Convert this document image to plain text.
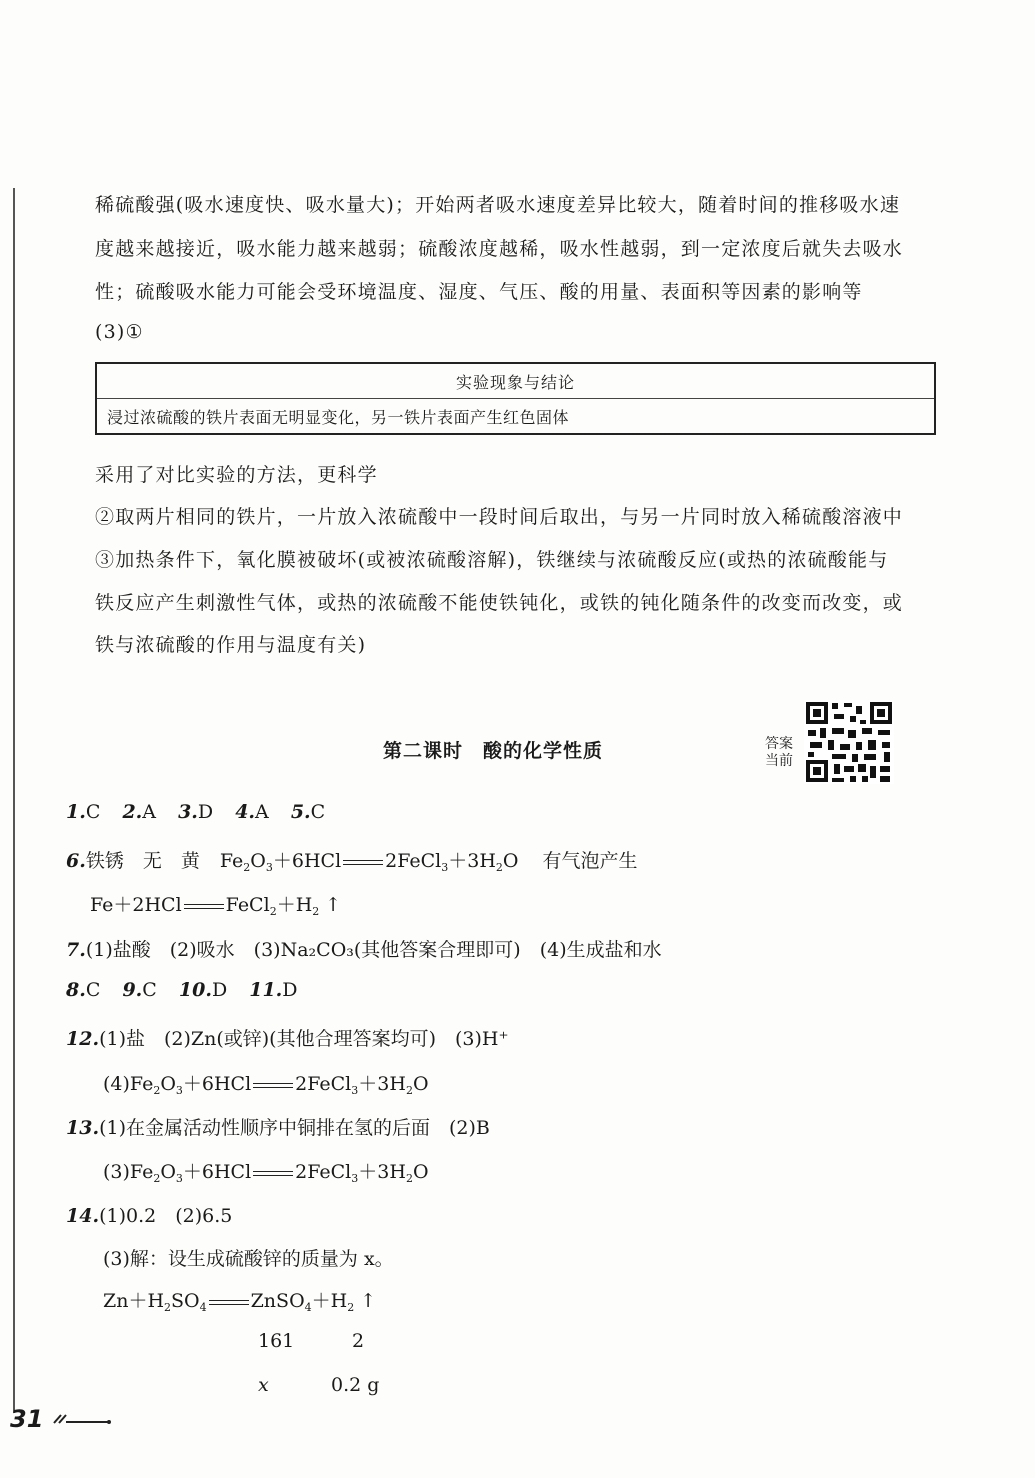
稀硫酸强(吸水速度快、吸水量大)；开始两者吸水速度差异比较大，随着时间的推移吸水速
度越来越接近，吸水能力越来越弱；硫酸浓度越稀，吸水性越弱，到一定浓度后就失去吸水
性；硫酸吸水能力可能会受环境温度、湿度、气压、酸的用量、表面积等因素的影响等
(3)①
实验现象与结论
浸过浓硫酸的铁片表面无明显变化，另一铁片表面产生红色固体
采用了对比实验的方法，更科学
②取两片相同的铁片，一片放入浓硫酸中一段时间后取出，与另一片同时放入稀硫酸溶液中
③加热条件下，氧化膜被破坏(或被浓硫酸溶解)，铁继续与浓硫酸反应(或热的浓硫酸能与
铁反应产生刺激性气体，或热的浓硫酸不能使铁钝化，或铁的钝化随条件的改变而改变，或
铁与浓硫酸的作用与温度有关)
第二课时　酸的化学性质	答案当前
1.C 2.A 3.D 4.A 5.C
6.铁锈　无　黄 $Fe_2O_3+6HCl$ $2FeCl_3+3H_2O$ 有气泡产生
Fe＋2HCl $FeCl_2+H_2$ ↑
7.(1)盐酸　(2)吸水　(3)Na₂CO₃(其他答案合理即可)　(4)生成盐和水
8.C 9.C 10.D 11.D
12.(1)盐　(2)Zn(或锌)(其他合理答案均可)　(3)H⁺
$(4)Fe_2O_3+6HCl$ $2FeCl_3+3H_2O$
13.(1)在金属活动性顺序中铜排在氢的后面　(2)B
$(3)Fe_2O_3+6HCl$ $2FeCl_3+3H_2O$
14.(1)0.2　(2)6.5
(3)解：设生成硫酸锌的质量为 x。
$Zn+H_2SO_4$ $ZnSO_4+H_2$ ↑
161	2
x	0.2 g
31
